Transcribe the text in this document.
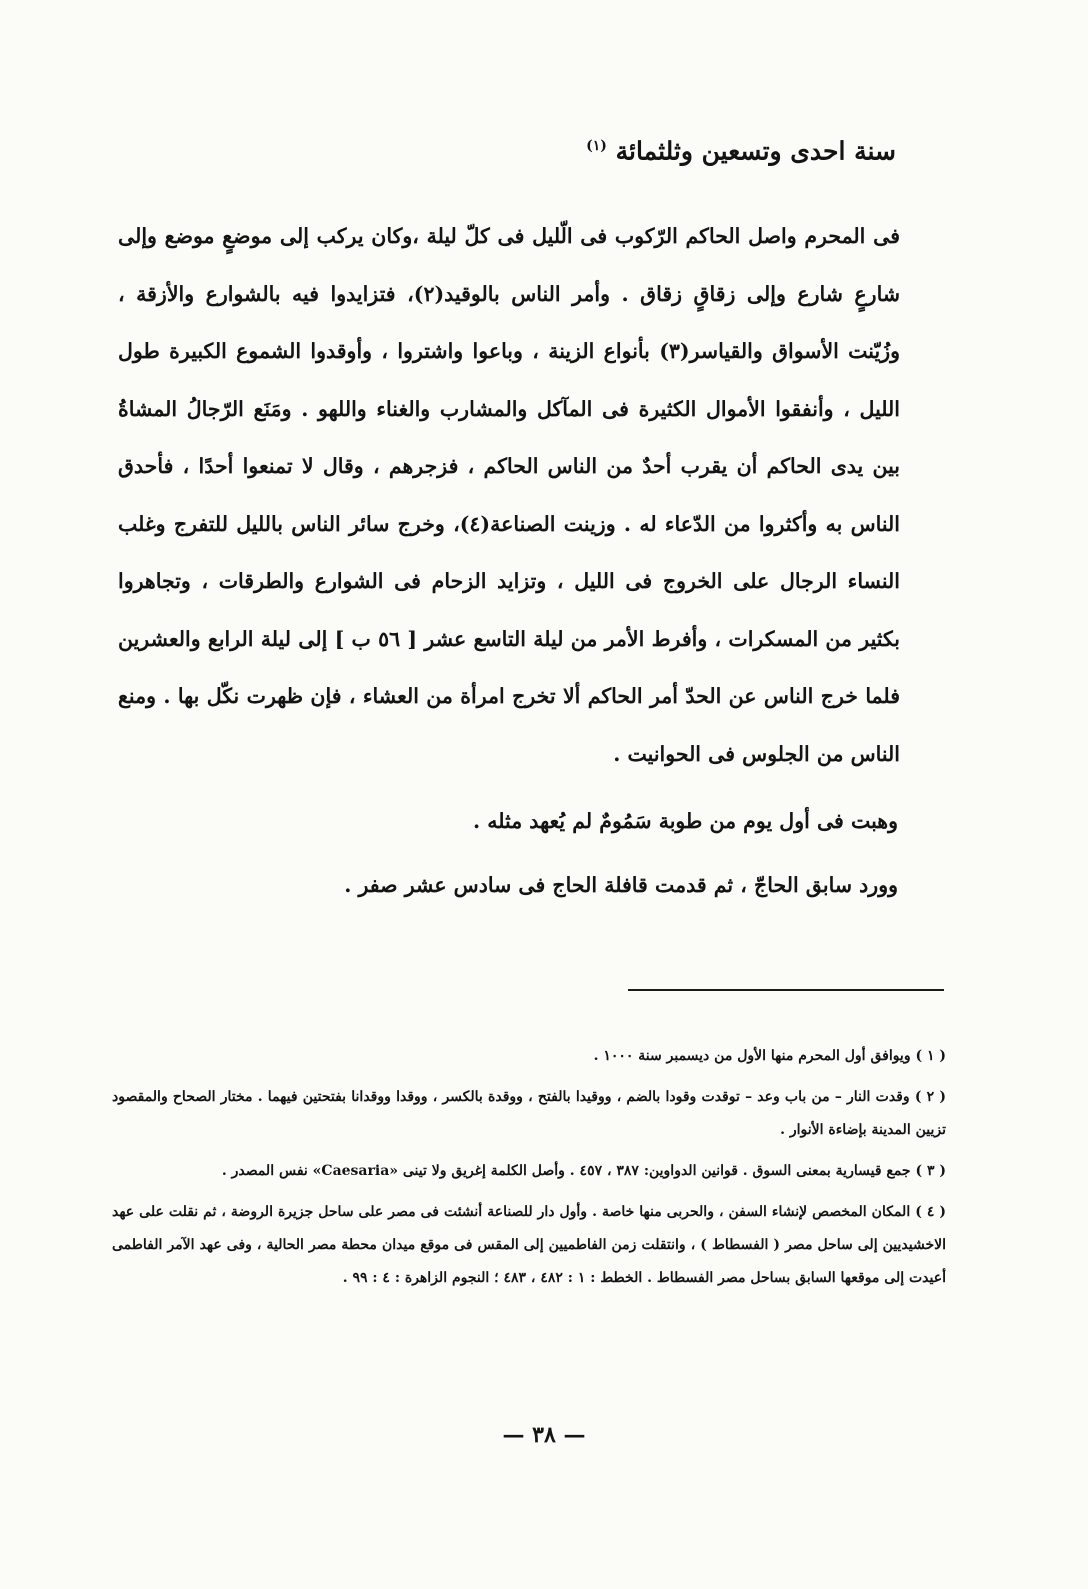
سنة احدى وتسعين وثلثمائة $^{(١)}$

فى المحرم واصل الحاكم الرّكوب فى الّليل فى كلّ ليلة ،وكان يركب إلى موضعٍ موضع وإلى شارعٍ شارع وإلى زقاقٍ زقاق . وأمر الناس بالوقيد(٢)، فتزايدوا فيه بالشوارع والأزقة ، وزُيّنت الأسواق والقياسر(٣) بأنواع الزينة ، وباعوا واشتروا ، وأوقدوا الشموع الكبيرة طول الليل ، وأنفقوا الأموال الكثيرة فى المآكل والمشارب والغناء واللهو . ومَنَع الرّجالُ المشاةُ بين يدى الحاكم أن يقرب أحدٌ من الناس الحاكم ، فزجرهم ، وقال لا تمنعوا أحدًا ، فأحدق الناس به وأكثروا من الدّعاء له . وزينت الصناعة(٤)، وخرج سائر الناس بالليل للتفرج وغلب النساء الرجال على الخروج فى الليل ، وتزايد الزحام فى الشوارع والطرقات ، وتجاهروا بكثير من المسكرات ، وأفرط الأمر من ليلة التاسع عشر [ ٥٦ ب ] إلى ليلة الرابع والعشرين فلما خرج الناس عن الحدّ أمر الحاكم ألا تخرج امرأة من العشاء ، فإن ظهرت نكّل بها . ومنع الناس من الجلوس فى الحوانيت .

وهبت فى أول يوم من طوبة سَمُومٌ لم يُعهد مثله .

وورد سابق الحاجّ ، ثم قدمت قافلة الحاج فى سادس عشر صفر .

( ١ ) ويوافق أول المحرم منها الأول من ديسمبر سنة ١٠٠٠ .

( ٢ ) وقدت النار – من باب وعد – توقدت وقودا بالضم ، ووقيدا بالفتح ، ووقدة بالكسر ، ووقدا ووقدانا بفتحتين فيهما . مختار الصحاح والمقصود تزيين المدينة بإضاءة الأنوار .

( ٣ ) جمع قيسارية بمعنى السوق . قوانين الدواوين: ٣٨٧ ، ٤٥٧ . وأصل الكلمة إغريق ولا تينى «Caesaria» نفس المصدر .

( ٤ ) المكان المخصص لإنشاء السفن ، والحربى منها خاصة . وأول دار للصناعة أنشئت فى مصر على ساحل جزيرة الروضة ، ثم نقلت على عهد الاخشيديين إلى ساحل مصر ( الفسطاط ) ، وانتقلت زمن الفاطميين إلى المقس فى موقع ميدان محطة مصر الحالية ، وفى عهد الآمر الفاطمى أعيدت إلى موقعها السابق بساحل مصر الفسطاط . الخطط : ١ : ٤٨٢ ، ٤٨٣ ؛ النجوم الزاهرة : ٤ : ٩٩ .

— ٣٨ —
